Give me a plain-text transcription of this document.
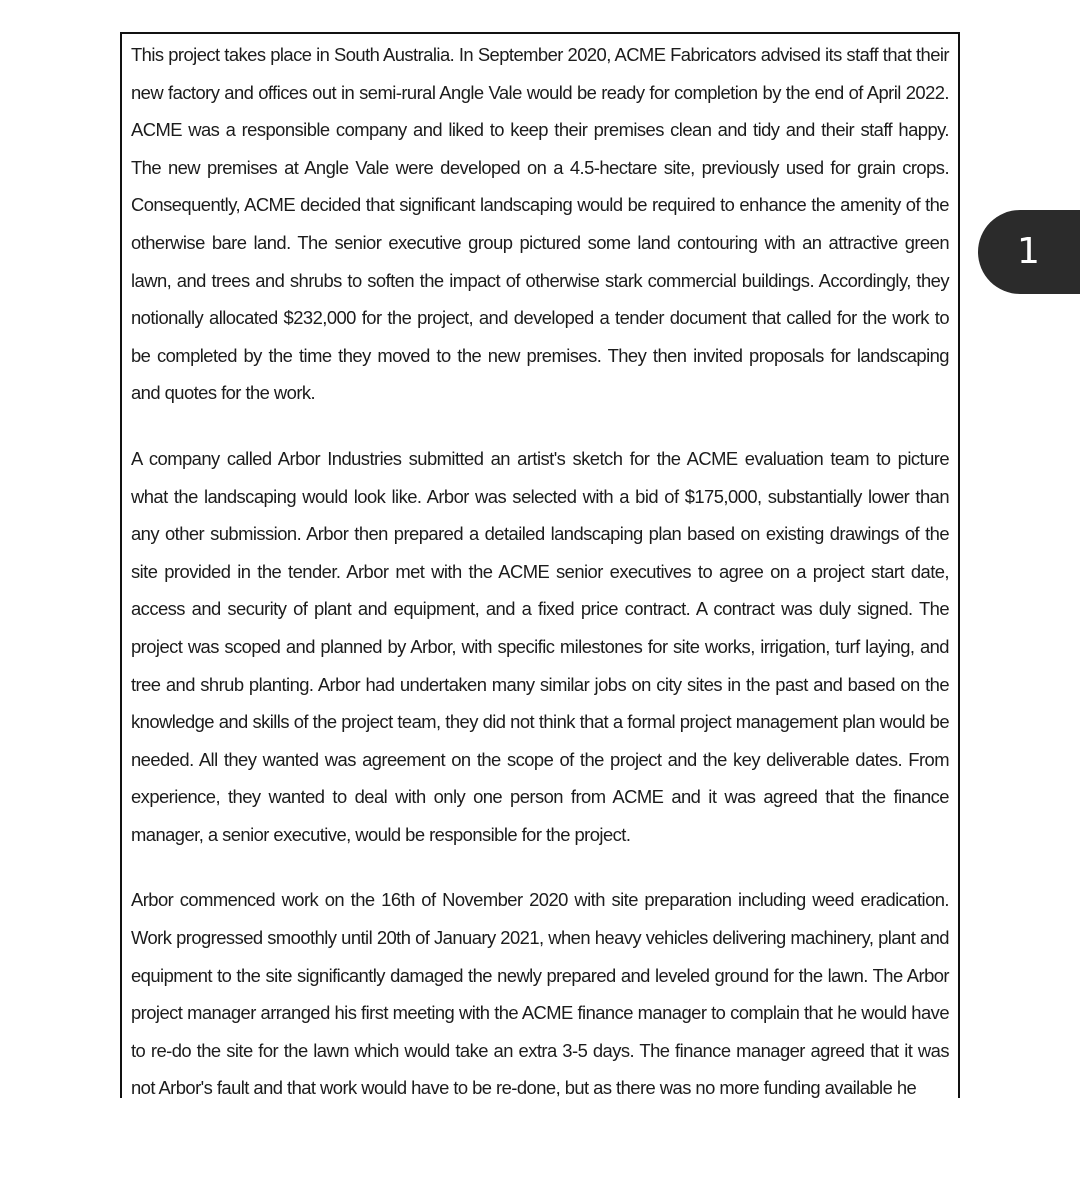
This project takes place in South Australia. In September 2020, ACME Fabricators advised its staff that their new factory and offices out in semi-rural Angle Vale would be ready for completion by the end of April 2022. ACME was a responsible company and liked to keep their premises clean and tidy and their staff happy. The new premises at Angle Vale were developed on a 4.5-hectare site, previously used for grain crops. Consequently, ACME decided that significant landscaping would be required to enhance the amenity of the otherwise bare land. The senior executive group pictured some land contouring with an attractive green lawn, and trees and shrubs to soften the impact of otherwise stark commercial buildings. Accordingly, they notionally allocated $232,000 for the project, and developed a tender document that called for the work to be completed by the time they moved to the new premises. They then invited proposals for landscaping and quotes for the work.

A company called Arbor Industries submitted an artist's sketch for the ACME evaluation team to picture what the landscaping would look like. Arbor was selected with a bid of $175,000, substantially lower than any other submission. Arbor then prepared a detailed landscaping plan based on existing drawings of the site provided in the tender. Arbor met with the ACME senior executives to agree on a project start date, access and security of plant and equipment, and a fixed price contract. A contract was duly signed. The project was scoped and planned by Arbor, with specific milestones for site works, irrigation, turf laying, and tree and shrub planting. Arbor had undertaken many similar jobs on city sites in the past and based on the knowledge and skills of the project team, they did not think that a formal project management plan would be needed. All they wanted was agreement on the scope of the project and the key deliverable dates. From experience, they wanted to deal with only one person from ACME and it was agreed that the finance manager, a senior executive, would be responsible for the project.

Arbor commenced work on the 16th of November 2020 with site preparation including weed eradication. Work progressed smoothly until 20th of January 2021, when heavy vehicles delivering machinery, plant and equipment to the site significantly damaged the newly prepared and leveled ground for the lawn. The Arbor project manager arranged his first meeting with the ACME finance manager to complain that he would have to re-do the site for the lawn which would take an extra 3-5 days. The finance manager agreed that it was not Arbor's fault and that work would have to be re-done, but as there was no more funding available he

1
